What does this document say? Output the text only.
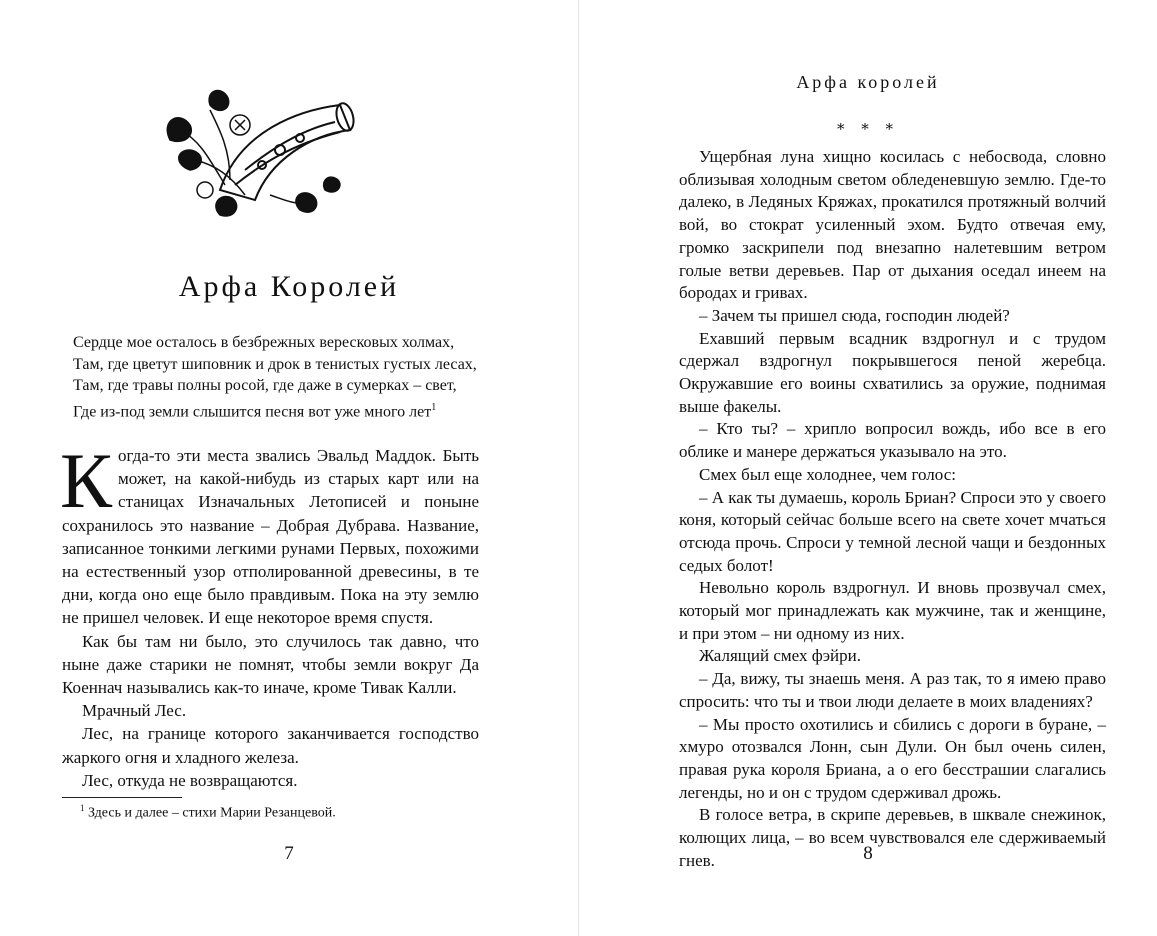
Арфа Королей
Сердце мое осталось в безбрежных вересковых холмах,
Там, где цветут шиповник и дрок в тенистых густых лесах,
Там, где травы полны росой, где даже в сумерках – свет,
Где из-под земли слышится песня вот уже много лет$^1$

Когда-то эти места звались Эвальд Маддок. Быть может, на какой-нибудь из старых карт или на станицах Изначальных Летописей и поныне сохранилось это название – Добрая Дубрава. Название, записанное тонкими легкими рунами Первых, похожими на естественный узор отполированной древесины, в те дни, когда оно еще было правдивым. Пока на эту землю не пришел человек. И еще некоторое время спустя.

Как бы там ни было, это случилось так давно, что ныне даже старики не помнят, чтобы земли вокруг Да Коеннач назывались как-то иначе, кроме Тивак Калли.

Мрачный Лес.

Лес, на границе которого заканчивается господство жаркого огня и хладного железа.

Лес, откуда не возвращаются.

$^1$ Здесь и далее – стихи Марии Резанцевой.
7
Арфа королей
* * *

Ущербная луна хищно косилась с небосвода, словно облизывая холодным светом обледеневшую землю. Где-то далеко, в Ледяных Кряжах, прокатился протяжный волчий вой, во стократ усиленный эхом. Будто отвечая ему, громко заскрипели под внезапно налетевшим ветром голые ветви деревьев. Пар от дыхания оседал инеем на бородах и гривах.

– Зачем ты пришел сюда, господин людей?

Ехавший первым всадник вздрогнул и с трудом сдержал вздрогнул покрывшегося пеной жеребца. Окружавшие его воины схватились за оружие, поднимая выше факелы.

– Кто ты? – хрипло вопросил вождь, ибо все в его облике и манере держаться указывало на это.

Смех был еще холоднее, чем голос:

– А как ты думаешь, король Бриан? Спроси это у своего коня, который сейчас больше всего на свете хочет мчаться отсюда прочь. Спроси у темной лесной чащи и бездонных седых болот!

Невольно король вздрогнул. И вновь прозвучал смех, который мог принадлежать как мужчине, так и женщине, и при этом – ни одному из них.

Жалящий смех фэйри.

– Да, вижу, ты знаешь меня. А раз так, то я имею право спросить: что ты и твои люди делаете в моих владениях?

– Мы просто охотились и сбились с дороги в буране, – хмуро отозвался Лонн, сын Дули. Он был очень силен, правая рука короля Бриана, а о его бесстрашии слагались легенды, но и он с трудом сдерживал дрожь.

В голосе ветра, в скрипе деревьев, в шквале снежинок, колющих лица, – во всем чувствовался еле сдерживаемый гнев.	8
